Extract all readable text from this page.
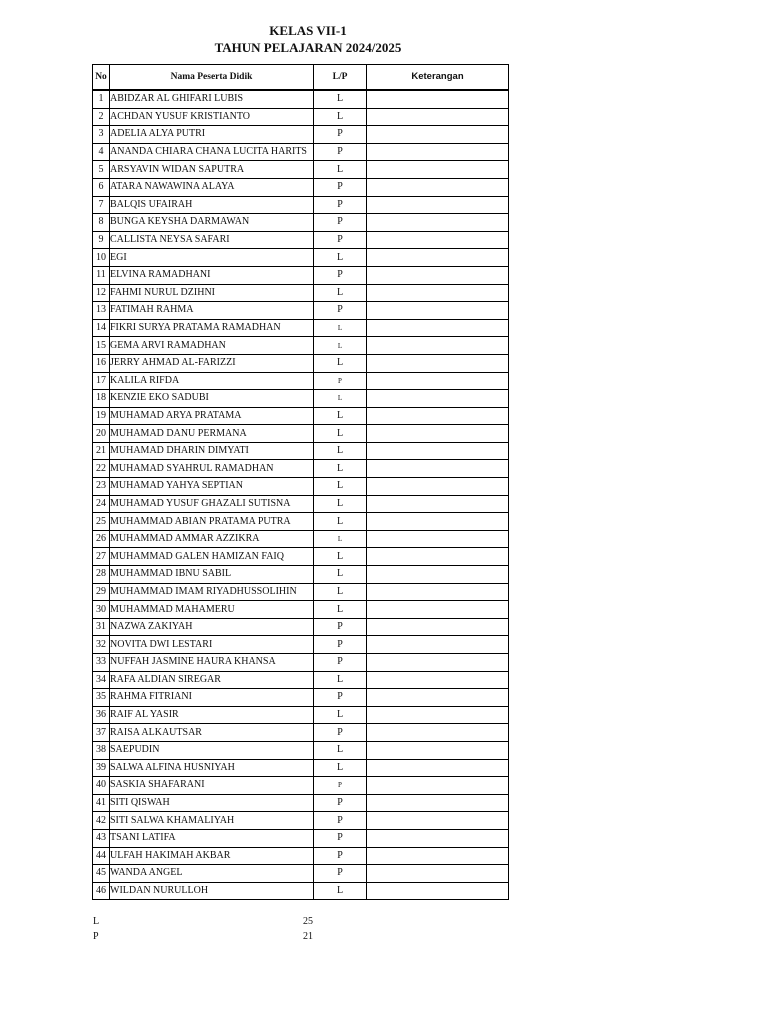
KELAS VII-1
TAHUN PELAJARAN 2024/2025
No	Nama Peserta Didik	L/P	Keterangan
1	ABIDZAR AL GHIFARI LUBIS	L	
2	ACHDAN YUSUF KRISTIANTO	L	
3	ADELIA ALYA PUTRI	P	
4	ANANDA CHIARA CHANA LUCITA HARITS	P	
5	ARSYAVIN WIDAN SAPUTRA	L	
6	ATARA NAWAWINA ALAYA	P	
7	BALQIS UFAIRAH	P	
8	BUNGA KEYSHA DARMAWAN	P	
9	CALLISTA NEYSA SAFARI	P	
10	EGI	L	
11	ELVINA RAMADHANI	P	
12	FAHMI NURUL DZIHNI	L	
13	FATIMAH RAHMA	P	
14	FIKRI SURYA PRATAMA RAMADHAN	L	
15	GEMA ARVI RAMADHAN	L	
16	JERRY AHMAD AL-FARIZZI	L	
17	KALILA RIFDA	P	
18	KENZIE EKO SADUBI	L	
19	MUHAMAD ARYA PRATAMA	L	
20	MUHAMAD DANU PERMANA	L	
21	MUHAMAD DHARIN DIMYATI	L	
22	MUHAMAD SYAHRUL RAMADHAN	L	
23	MUHAMAD YAHYA SEPTIAN	L	
24	MUHAMAD YUSUF GHAZALI SUTISNA	L	
25	MUHAMMAD ABIAN PRATAMA PUTRA	L	
26	MUHAMMAD AMMAR AZZIKRA	L	
27	MUHAMMAD GALEN HAMIZAN FAIQ	L	
28	MUHAMMAD IBNU SABIL	L	
29	MUHAMMAD IMAM RIYADHUSSOLIHIN	L	
30	MUHAMMAD MAHAMERU	L	
31	NAZWA ZAKIYAH	P	
32	NOVITA DWI LESTARI	P	
33	NUFFAH JASMINE HAURA KHANSA	P	
34	RAFA ALDIAN SIREGAR	L	
35	RAHMA FITRIANI	P	
36	RAIF AL YASIR	L	
37	RAISA ALKAUTSAR	P	
38	SAEPUDIN	L	
39	SALWA ALFINA HUSNIYAH	L	
40	SASKIA SHAFARANI	P	
41	SITI QISWAH	P	
42	SITI SALWA KHAMALIYAH	P	
43	TSANI LATIFA	P	
44	ULFAH HAKIMAH AKBAR	P	
45	WANDA ANGEL	P	
46	WILDAN NURULLOH	L	
L	25
P	21
